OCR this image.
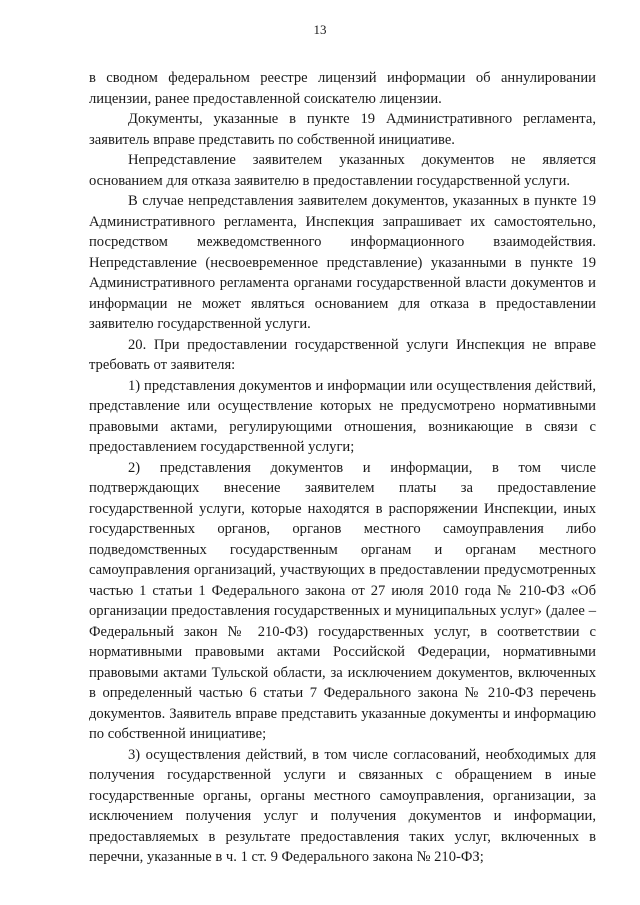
13

в сводном федеральном реестре лицензий информации об аннулировании лицензии, ранее предоставленной соискателю лицензии.

Документы, указанные в пункте 19 Административного регламента, заявитель вправе представить по собственной инициативе.

Непредставление заявителем указанных документов не является основанием для отказа заявителю в предоставлении государственной услуги.

В случае непредставления заявителем документов, указанных в пункте 19 Административного регламента, Инспекция запрашивает их самостоятельно, посредством межведомственного информационного взаимодействия. Непредставление (несвоевременное представление) указанными в пункте 19 Административного регламента органами государственной власти документов и информации не может являться основанием для отказа в предоставлении заявителю государственной услуги.

20. При предоставлении государственной услуги Инспекция не вправе требовать от заявителя:

1) представления документов и информации или осуществления действий, представление или осуществление которых не предусмотрено нормативными правовыми актами, регулирующими отношения, возникающие в связи с предоставлением государственной услуги;

2) представления документов и информации, в том числе подтверждающих внесение заявителем платы за предоставление государственной услуги, которые находятся в распоряжении Инспекции, иных государственных органов, органов местного самоуправления либо подведомственных государственным органам и органам местного самоуправления организаций, участвующих в предоставлении предусмотренных частью 1 статьи 1 Федерального закона от 27 июля 2010 года № 210-ФЗ «Об организации предоставления государственных и муниципальных услуг» (далее – Федеральный закон № 210-ФЗ) государственных услуг, в соответствии с нормативными правовыми актами Российской Федерации, нормативными правовыми актами Тульской области, за исключением документов, включенных в определенный частью 6 статьи 7 Федерального закона № 210-ФЗ перечень документов. Заявитель вправе представить указанные документы и информацию по собственной инициативе;

3) осуществления действий, в том числе согласований, необходимых для получения государственной услуги и связанных с обращением в иные государственные органы, органы местного самоуправления, организации, за исключением получения услуг и получения документов и информации, предоставляемых в результате предоставления таких услуг, включенных в перечни, указанные в ч. 1 ст. 9 Федерального закона № 210-ФЗ;
